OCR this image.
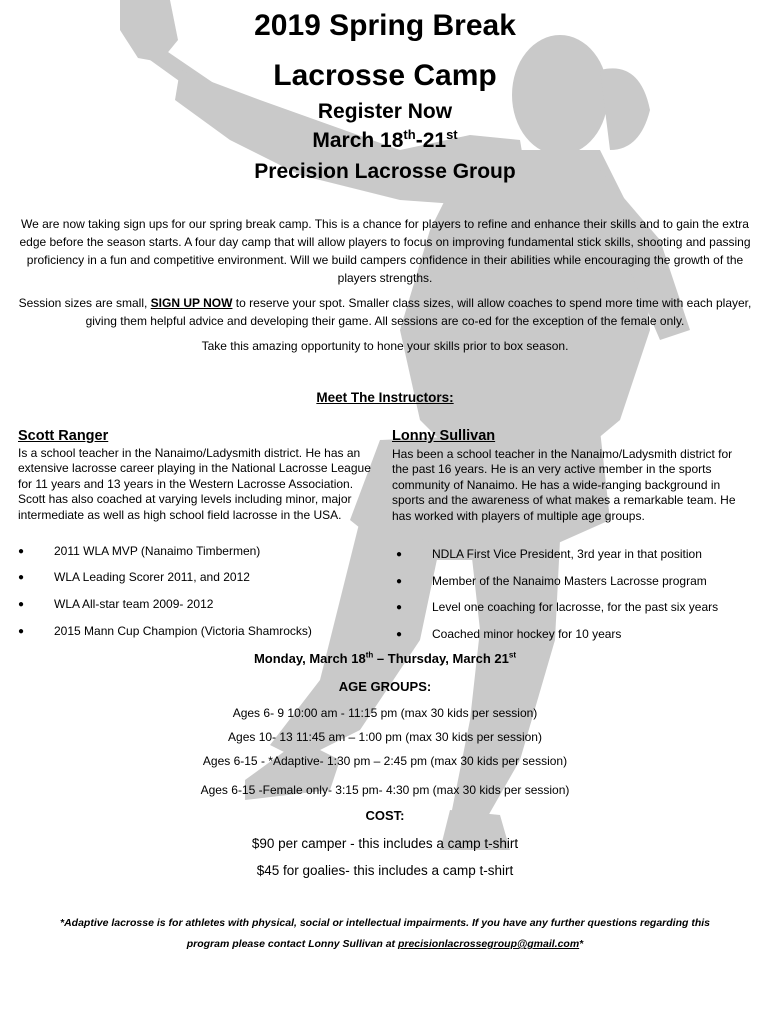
2019 Spring Break
Lacrosse Camp
Register Now
March 18th-21st
Precision Lacrosse Group
We are now taking sign ups for our spring break camp. This is a chance for players to refine and enhance their skills and to gain the extra edge before the season starts. A four day camp that will allow players to focus on improving fundamental stick skills, shooting and passing proficiency in a fun and competitive environment. Will we build campers confidence in their abilities while encouraging the growth of the players strengths.
Session sizes are small, SIGN UP NOW to reserve your spot. Smaller class sizes, will allow coaches to spend more time with each player, giving them helpful advice and developing their game. All sessions are co-ed for the exception of the female only.
Take this amazing opportunity to hone your skills prior to box season.
Meet The Instructors:
Scott Ranger
Is a school teacher in the Nanaimo/Ladysmith district. He has an extensive lacrosse career playing in the National Lacrosse League for 11 years and 13 years in the Western Lacrosse Association. Scott has also coached at varying levels including minor, major intermediate as well as high school field lacrosse in the USA.
● 2011 WLA MVP (Nanaimo Timbermen)
● WLA Leading Scorer 2011, and 2012
● WLA All-star team 2009- 2012
● 2015 Mann Cup Champion (Victoria Shamrocks)
Lonny Sullivan
Has been a school teacher in the Nanaimo/Ladysmith district for the past 16 years. He is an very active member in the sports community of Nanaimo. He has a wide-ranging background in sports and the awareness of what makes a remarkable team. He has worked with players of multiple age groups.
● NDLA First Vice President, 3rd year in that position
● Member of the Nanaimo Masters Lacrosse program
● Level one coaching for lacrosse, for the past six years
● Coached minor hockey for 10 years
Monday, March 18th – Thursday, March 21st
AGE GROUPS:
Ages 6- 9 10:00 am - 11:15 pm (max 30 kids per session)
Ages 10- 13 11:45 am – 1:00 pm (max 30 kids per session)
Ages 6-15 - *Adaptive- 1:30 pm – 2:45 pm (max 30 kids per session)
Ages 6-15 -Female only- 3:15 pm- 4:30 pm (max 30 kids per session)
COST:
$90 per camper - this includes a camp t-shirt
$45 for goalies- this includes a camp t-shirt
*Adaptive lacrosse is for athletes with physical, social or intellectual impairments. If you have any further questions regarding this
program please contact Lonny Sullivan at precisionlacrossegroup@gmail.com*
